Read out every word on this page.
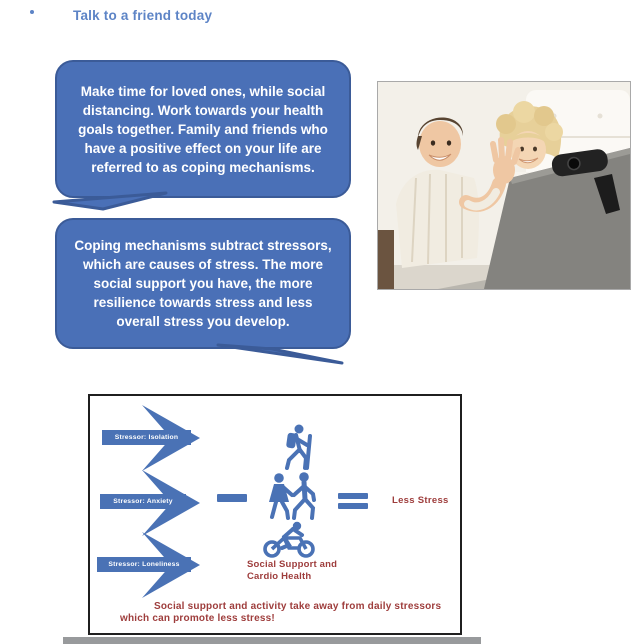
Talk to a friend today
Make time for loved ones, while social distancing. Work towards your health goals together. Family and friends who have a positive effect on your life are referred to as coping mechanisms.
Coping mechanisms subtract stressors, which are causes of stress. The more social support you have, the more resilience towards stress and less overall stress you develop.
Stressor: Isolation
Stressor: Anxiety
Stressor: Loneliness	Social Support and
Cardio Health
Less Stress
Social support and activity take away from daily stressors
which can promote less stress!
